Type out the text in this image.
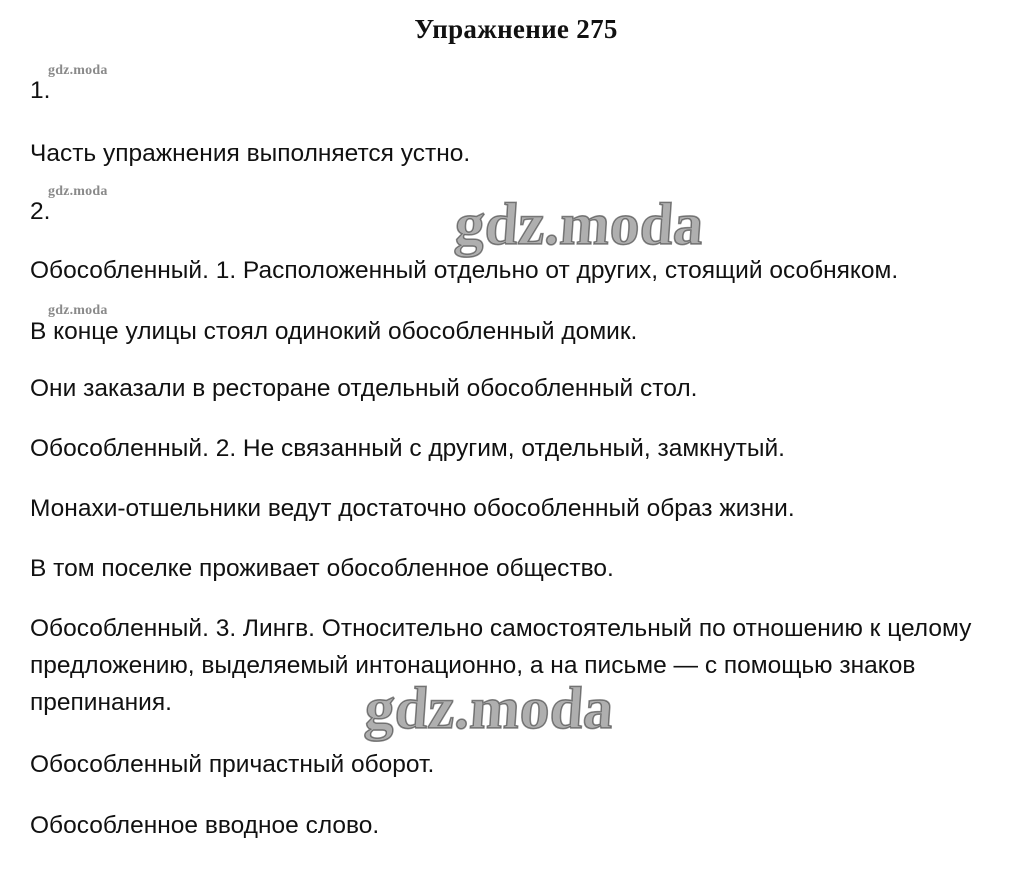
Упражнение 275
1.
gdz.moda
Часть упражнения выполняется устно.
2.
gdz.moda	gdz.moda
Обособленный. 1. Расположенный отдельно от других, стоящий особняком.
gdz.moda
В конце улицы стоял одинокий обособленный домик.
Они заказали в ресторане отдельный обособленный стол.
Обособленный. 2. Не связанный с другим, отдельный, замкнутый.
Монахи-отшельники ведут достаточно обособленный образ жизни.
В том поселке проживает обособленное общество.
Обособленный. 3. Лингв. Относительно самостоятельный по отношению к целому предложению, выделяемый интонационно, а на письме — с помощью знаков препинания.	gdz.moda
Обособленный причастный оборот.
Обособленное вводное слово.
